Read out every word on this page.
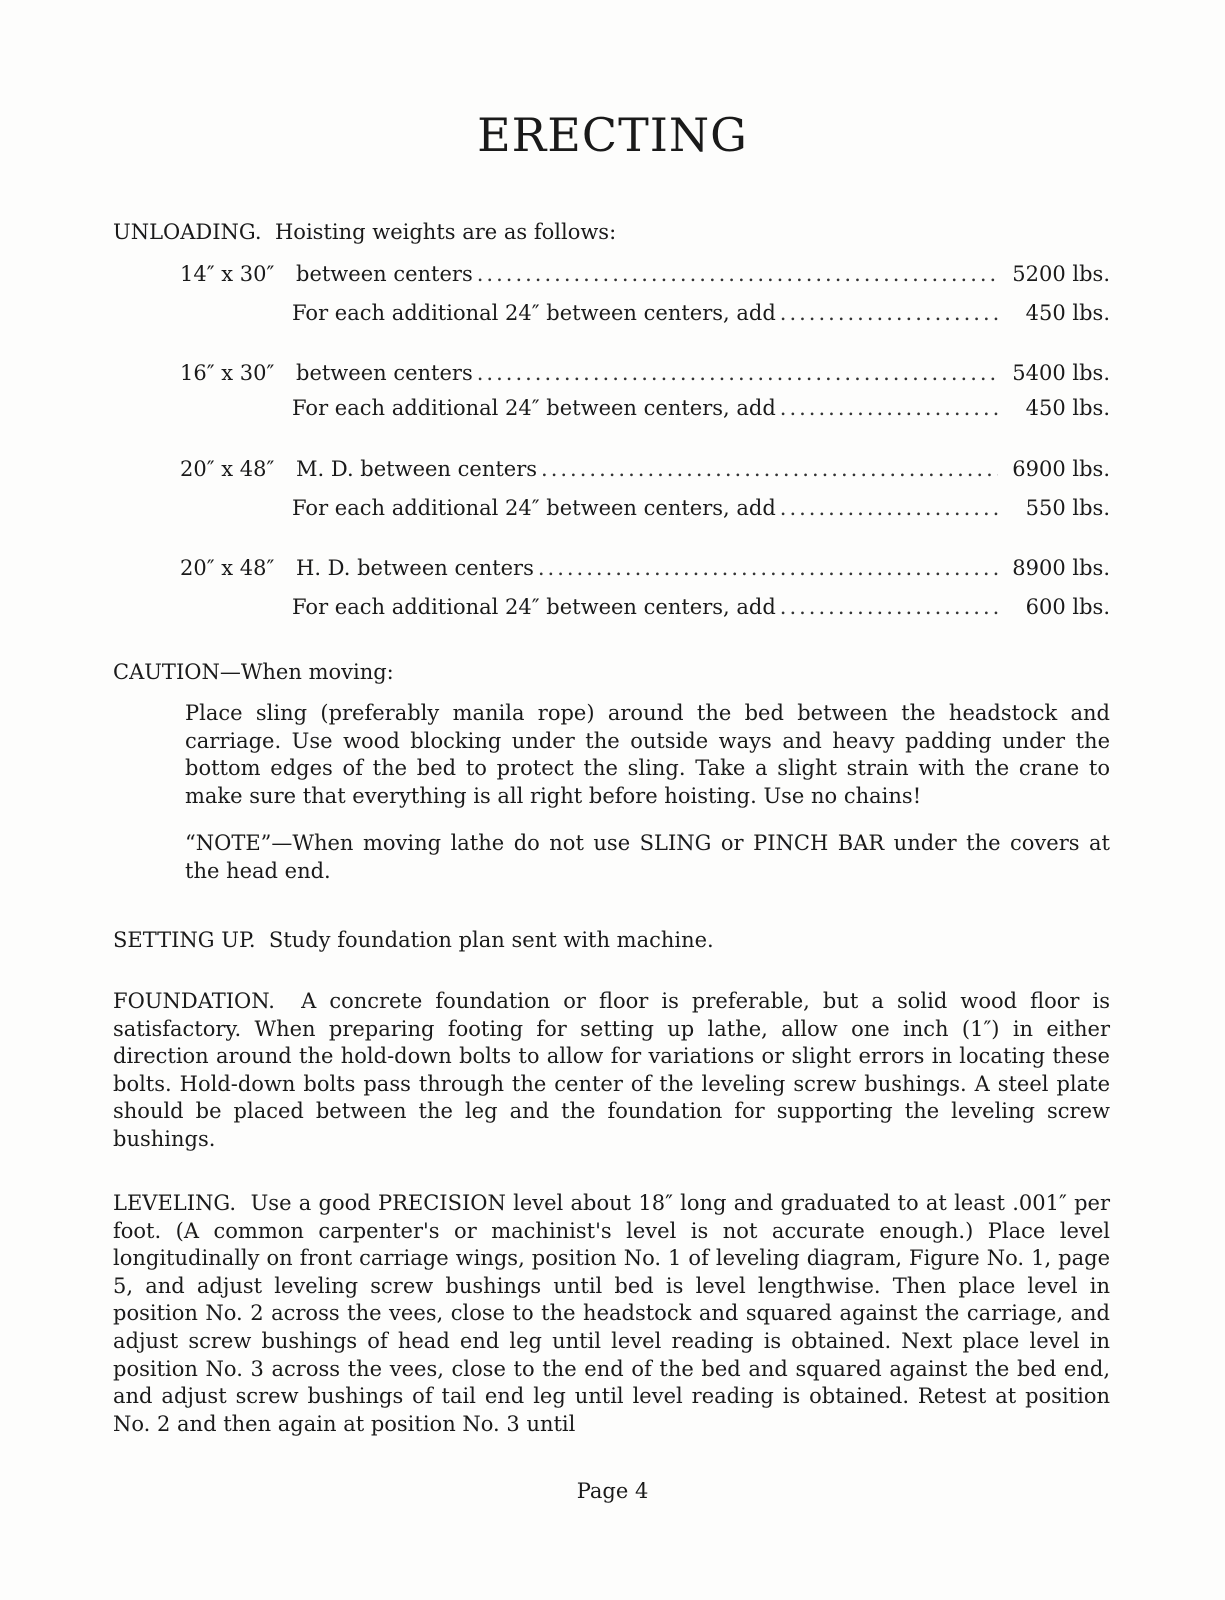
ERECTING
UNLOADING. Hoisting weights are as follows:
14″ x 30″	between centers .....	5200 lbs.
For each additional 24″ between centers, add .....	450 lbs.
16″ x 30″	between centers .....	5400 lbs.
For each additional 24″ between centers, add .....	450 lbs.
20″ x 48″	M. D. between centers .....	6900 lbs.
For each additional 24″ between centers, add .....	550 lbs.
20″ x 48″	H. D. between centers .....	8900 lbs.
For each additional 24″ between centers, add .....	600 lbs.
CAUTION—When moving:

Place sling (preferably manila rope) around the bed between the headstock and carriage. Use wood blocking under the outside ways and heavy padding under the bottom edges of the bed to protect the sling. Take a slight strain with the crane to make sure that everything is all right before hoisting. Use no chains!

“NOTE”—When moving lathe do not use SLING or PINCH BAR under the covers at the head end.

SETTING UP. Study foundation plan sent with machine.

FOUNDATION. A concrete foundation or floor is preferable, but a solid wood floor is satisfactory. When preparing footing for setting up lathe, allow one inch (1″) in either direction around the hold-down bolts to allow for variations or slight errors in locating these bolts. Hold-down bolts pass through the center of the leveling screw bushings. A steel plate should be placed between the leg and the foundation for supporting the leveling screw bushings.

LEVELING. Use a good PRECISION level about 18″ long and graduated to at least .001″ per foot. (A common carpenter's or machinist's level is not accurate enough.) Place level longitudinally on front carriage wings, position No. 1 of leveling diagram, Figure No. 1, page 5, and adjust leveling screw bushings until bed is level lengthwise. Then place level in position No. 2 across the vees, close to the headstock and squared against the carriage, and adjust screw bushings of head end leg until level reading is obtained. Next place level in position No. 3 across the vees, close to the end of the bed and squared against the bed end, and adjust screw bushings of tail end leg until level reading is obtained. Retest at position No. 2 and then again at position No. 3 until

Page 4
